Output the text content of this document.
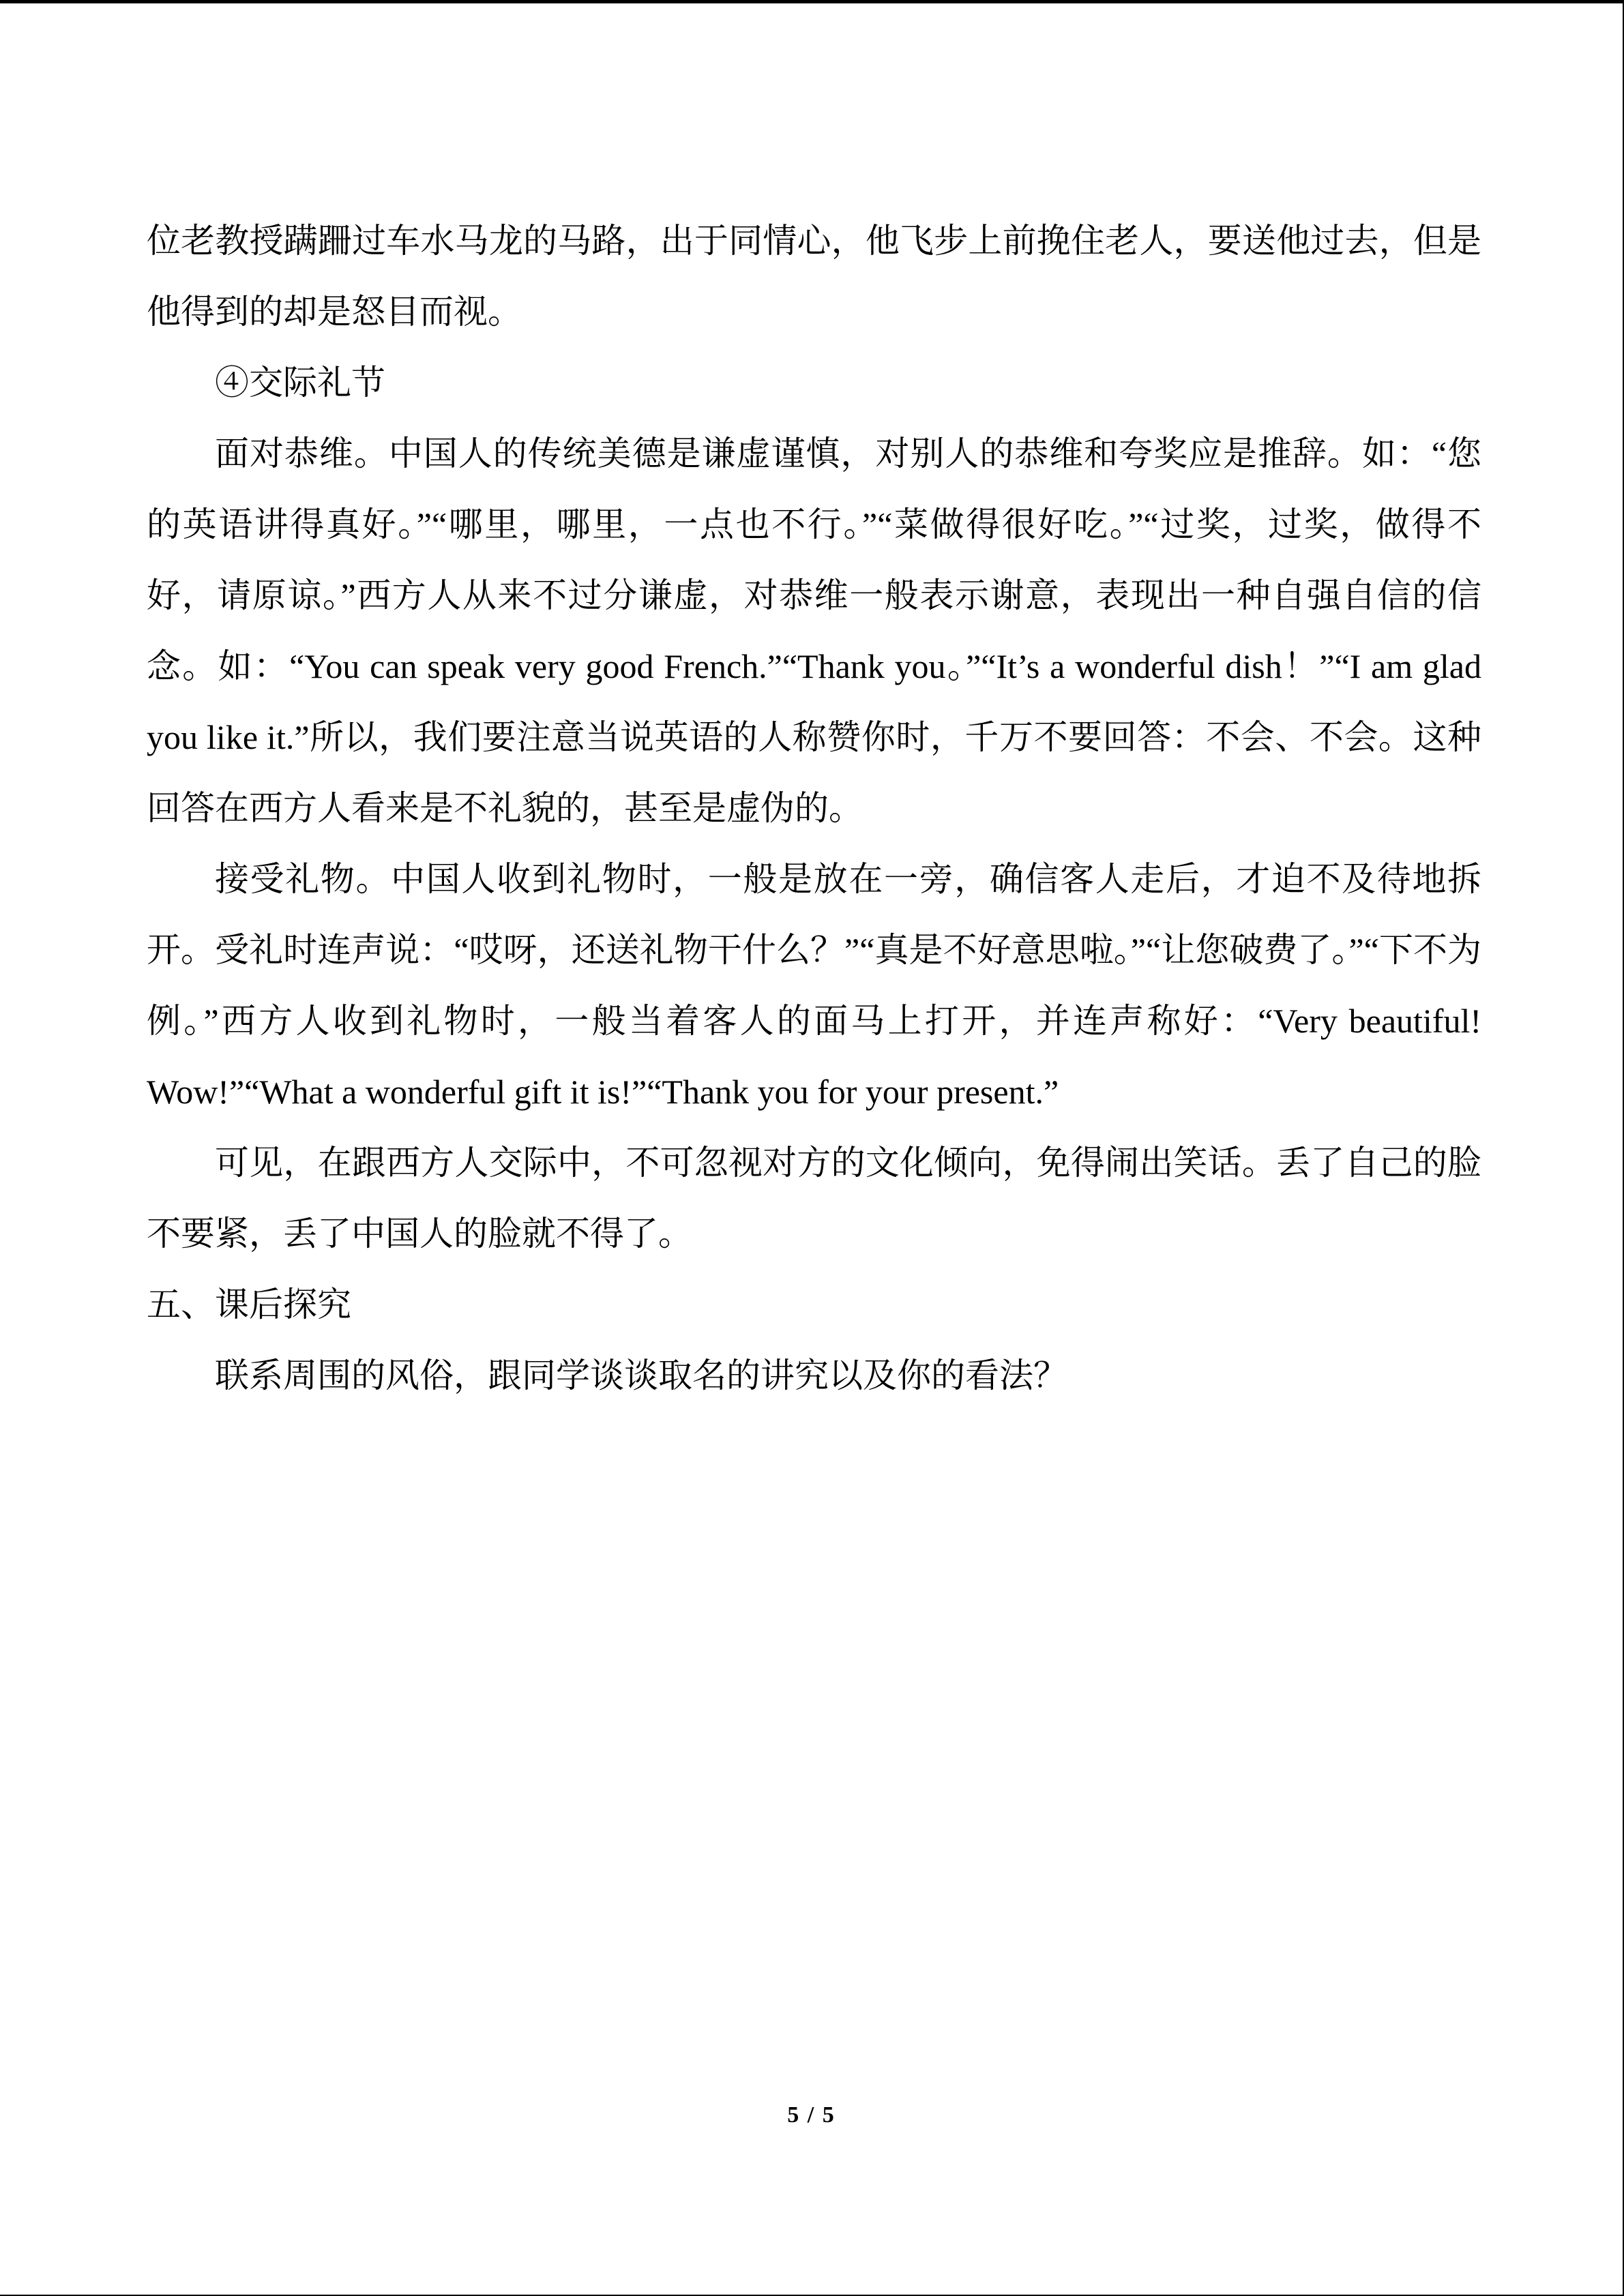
位老教授蹒跚过车水马龙的马路，出于同情心，他飞步上前挽住老人，要送他过去，但是他得到的却是怒目而视。

④交际礼节

面对恭维。中国人的传统美德是谦虚谨慎，对别人的恭维和夸奖应是推辞。如：“您的英语讲得真好。”“哪里，哪里，一点也不行。”“菜做得很好吃。”“过奖，过奖，做得不好，请原谅。”西方人从来不过分谦虚，对恭维一般表示谢意，表现出一种自强自信的信念。如：“You can speak very good French.”“Thank you。”“It’s a wonderful dish！”“I am glad you like it.”所以，我们要注意当说英语的人称赞你时，千万不要回答：不会、不会。这种回答在西方人看来是不礼貌的，甚至是虚伪的。

接受礼物。中国人收到礼物时，一般是放在一旁，确信客人走后，才迫不及待地拆开。受礼时连声说：“哎呀，还送礼物干什么？”“真是不好意思啦。”“让您破费了。”“下不为例。”西方人收到礼物时，一般当着客人的面马上打开，并连声称好：“Very beautiful! Wow!”“What a wonderful gift it is!”“Thank you for your present.”

可见，在跟西方人交际中，不可忽视对方的文化倾向，免得闹出笑话。丢了自己的脸不要紧，丢了中国人的脸就不得了。

五、课后探究

联系周围的风俗，跟同学谈谈取名的讲究以及你的看法？

5 / 5
